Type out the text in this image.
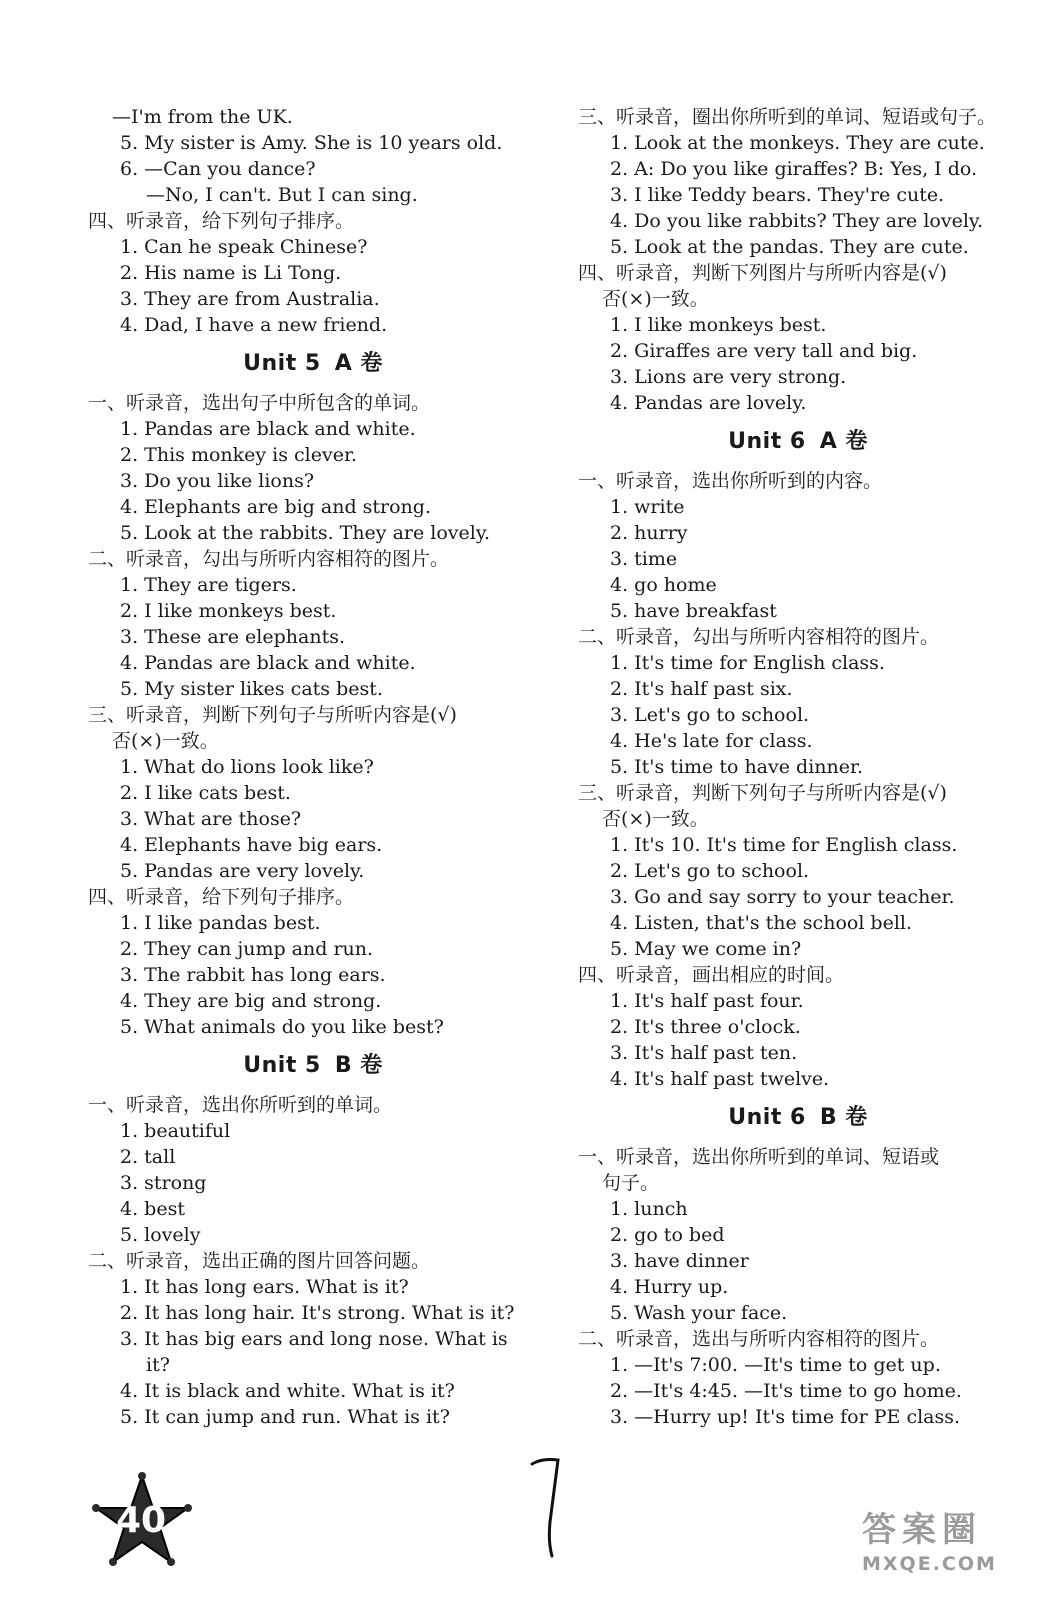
—I'm from the UK.
5. My sister is Amy. She is 10 years old.
6. —Can you dance?
—No, I can't. But I can sing.
四、听录音，给下列句子排序。
1. Can he speak Chinese?
2. His name is Li Tong.
3. They are from Australia.
4. Dad, I have a new friend.
Unit 5 A 卷
一、听录音，选出句子中所包含的单词。
1. Pandas are black and white.
2. This monkey is clever.
3. Do you like lions?
4. Elephants are big and strong.
5. Look at the rabbits. They are lovely.
二、听录音，勾出与所听内容相符的图片。
1. They are tigers.
2. I like monkeys best.
3. These are elephants.
4. Pandas are black and white.
5. My sister likes cats best.
三、听录音，判断下列句子与所听内容是(√)
否(×)一致。
1. What do lions look like?
2. I like cats best.
3. What are those?
4. Elephants have big ears.
5. Pandas are very lovely.
四、听录音，给下列句子排序。
1. I like pandas best.
2. They can jump and run.
3. The rabbit has long ears.
4. They are big and strong.
5. What animals do you like best?
Unit 5 B 卷
一、听录音，选出你所听到的单词。
1. beautiful
2. tall
3. strong
4. best
5. lovely
二、听录音，选出正确的图片回答问题。
1. It has long ears. What is it?
2. It has long hair. It's strong. What is it?
3. It has big ears and long nose. What is
it?
4. It is black and white. What is it?
5. It can jump and run. What is it?
三、听录音，圈出你所听到的单词、短语或句子。
1. Look at the monkeys. They are cute.
2. A: Do you like giraffes? B: Yes, I do.
3. I like Teddy bears. They're cute.
4. Do you like rabbits? They are lovely.
5. Look at the pandas. They are cute.
四、听录音，判断下列图片与所听内容是(√)
否(×)一致。
1. I like monkeys best.
2. Giraffes are very tall and big.
3. Lions are very strong.
4. Pandas are lovely.
Unit 6 A 卷
一、听录音，选出你所听到的内容。
1. write
2. hurry
3. time
4. go home
5. have breakfast
二、听录音，勾出与所听内容相符的图片。
1. It's time for English class.
2. It's half past six.
3. Let's go to school.
4. He's late for class.
5. It's time to have dinner.
三、听录音，判断下列句子与所听内容是(√)
否(×)一致。
1. It's 10. It's time for English class.
2. Let's go to school.
3. Go and say sorry to your teacher.
4. Listen, that's the school bell.
5. May we come in?
四、听录音，画出相应的时间。
1. It's half past four.
2. It's three o'clock.
3. It's half past ten.
4. It's half past twelve.
Unit 6 B 卷
一、听录音，选出你所听到的单词、短语或
句子。
1. lunch
2. go to bed
3. have dinner
4. Hurry up.
5. Wash your face.
二、听录音，选出与所听内容相符的图片。
1. —It's 7:00. —It's time to get up.
2. —It's 4:45. —It's time to go home.
3. —Hurry up! It's time for PE class.
40	答案圈
MXQE.COM
